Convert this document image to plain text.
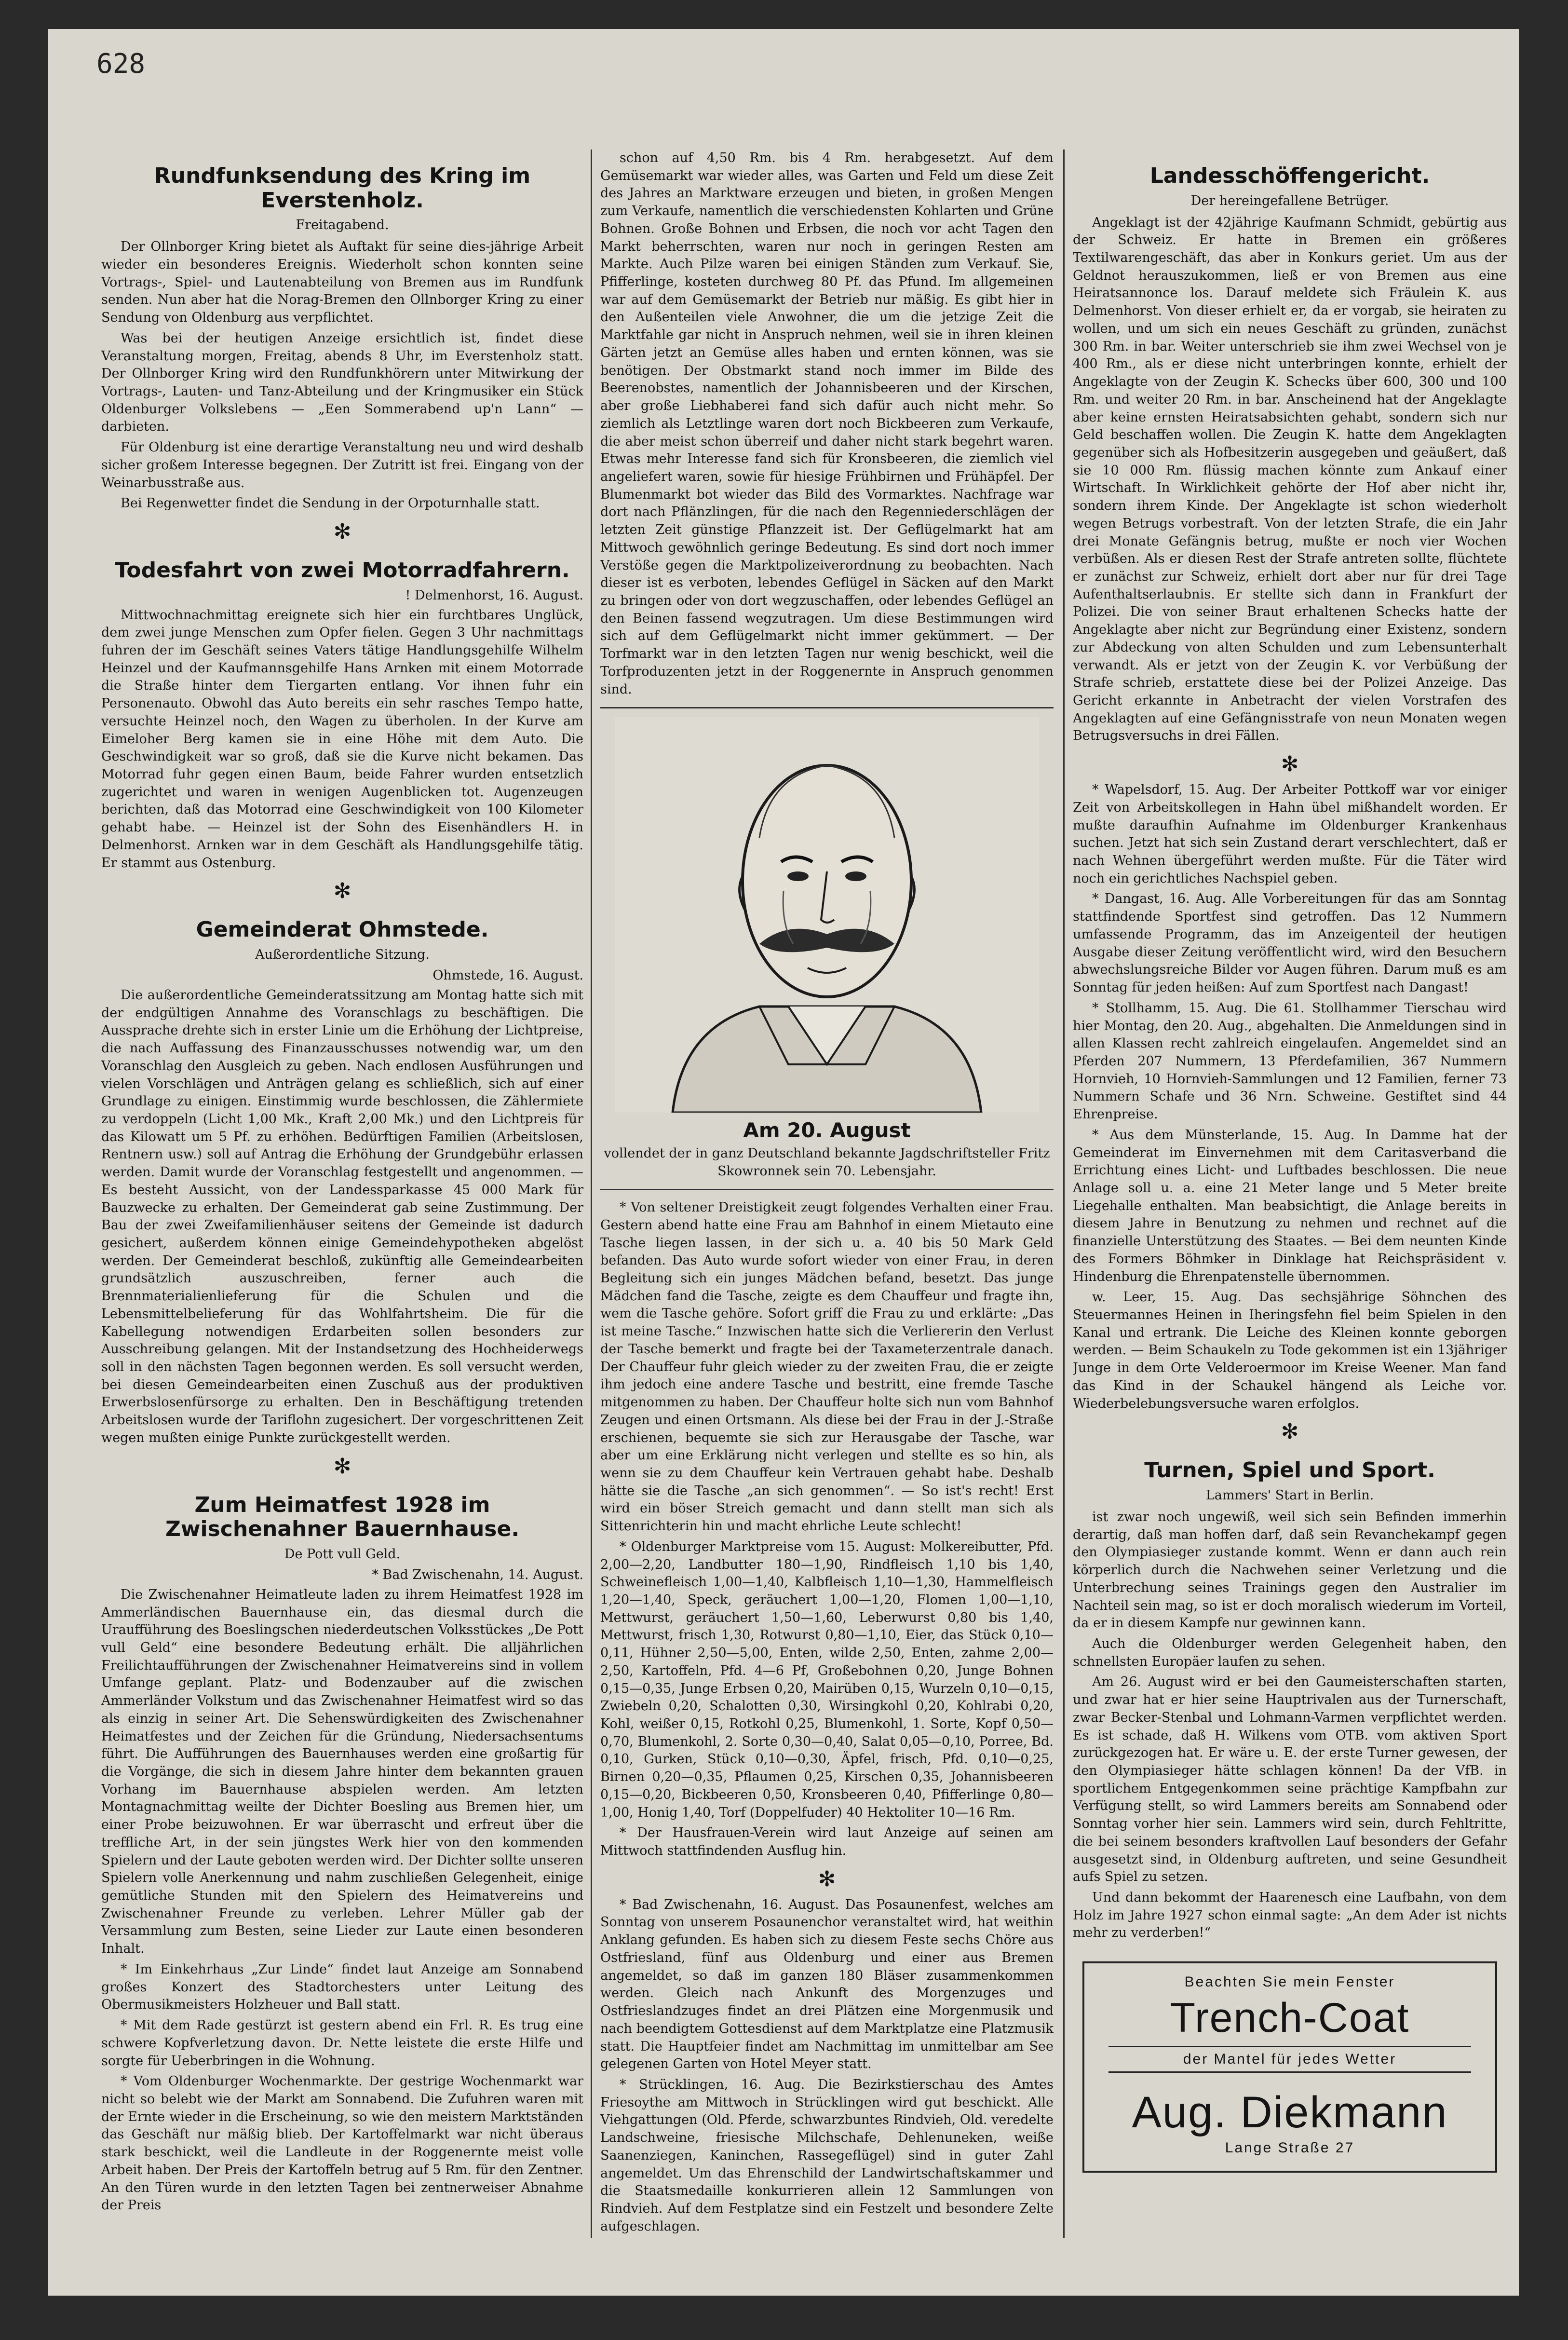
628
Rundfunksendung des Kring im Everstenholz.
Freitagabend.

Der Ollnborger Kring bietet als Auftakt für seine dies-jährige Arbeit wieder ein besonderes Ereignis. Wiederholt schon konnten seine Vortrags-, Spiel- und Lautenabteilung von Bremen aus im Rundfunk senden. Nun aber hat die Norag-Bremen den Ollnborger Kring zu einer Sendung von Oldenburg aus verpflichtet.

Was bei der heutigen Anzeige ersichtlich ist, findet diese Veranstaltung morgen, Freitag, abends 8 Uhr, im Everstenholz statt. Der Ollnborger Kring wird den Rundfunkhörern unter Mitwirkung der Vortrags-, Lauten- und Tanz-Abteilung und der Kringmusiker ein Stück Oldenburger Volkslebens — „Een Sommerabend up'n Lann“ — darbieten.

Für Oldenburg ist eine derartige Veranstaltung neu und wird deshalb sicher großem Interesse begegnen. Der Zutritt ist frei. Eingang von der Weinarbusstraße aus.

Bei Regenwetter findet die Sendung in der Orpoturnhalle statt.

✻
Todesfahrt von zwei Motorradfahrern.
! Delmenhorst, 16. August.

Mittwochnachmittag ereignete sich hier ein furchtbares Unglück, dem zwei junge Menschen zum Opfer fielen. Gegen 3 Uhr nachmittags fuhren der im Geschäft seines Vaters tätige Handlungsgehilfe Wilhelm Heinzel und der Kaufmannsgehilfe Hans Arnken mit einem Motorrade die Straße hinter dem Tiergarten entlang. Vor ihnen fuhr ein Personenauto. Obwohl das Auto bereits ein sehr rasches Tempo hatte, versuchte Heinzel noch, den Wagen zu überholen. In der Kurve am Eimeloher Berg kamen sie in eine Höhe mit dem Auto. Die Geschwindigkeit war so groß, daß sie die Kurve nicht bekamen. Das Motorrad fuhr gegen einen Baum, beide Fahrer wurden entsetzlich zugerichtet und waren in wenigen Augenblicken tot. Augenzeugen berichten, daß das Motorrad eine Geschwindigkeit von 100 Kilometer gehabt habe. — Heinzel ist der Sohn des Eisenhändlers H. in Delmenhorst. Arnken war in dem Geschäft als Handlungsgehilfe tätig. Er stammt aus Ostenburg.

✻
Gemeinderat Ohmstede.
Außerordentliche Sitzung.
Ohmstede, 16. August.

Die außerordentliche Gemeinderatssitzung am Montag hatte sich mit der endgültigen Annahme des Voranschlags zu beschäftigen. Die Aussprache drehte sich in erster Linie um die Erhöhung der Lichtpreise, die nach Auffassung des Finanzausschusses notwendig war, um den Voranschlag den Ausgleich zu geben. Nach endlosen Ausführungen und vielen Vorschlägen und Anträgen gelang es schließlich, sich auf einer Grundlage zu einigen. Einstimmig wurde beschlossen, die Zählermiete zu verdoppeln (Licht 1,00 Mk., Kraft 2,00 Mk.) und den Lichtpreis für das Kilowatt um 5 Pf. zu erhöhen. Bedürftigen Familien (Arbeitslosen, Rentnern usw.) soll auf Antrag die Erhöhung der Grundgebühr erlassen werden. Damit wurde der Voranschlag festgestellt und angenommen. — Es besteht Aussicht, von der Landessparkasse 45 000 Mark für Bauzwecke zu erhalten. Der Gemeinderat gab seine Zustimmung. Der Bau der zwei Zweifamilienhäuser seitens der Gemeinde ist dadurch gesichert, außerdem können einige Gemeindehypotheken abgelöst werden. Der Gemeinderat beschloß, zukünftig alle Gemeindearbeiten grundsätzlich auszuschreiben, ferner auch die Brennmaterialienlieferung für die Schulen und die Lebensmittelbelieferung für das Wohlfahrtsheim. Die für die Kabellegung notwendigen Erdarbeiten sollen besonders zur Ausschreibung gelangen. Mit der Instandsetzung des Hochheiderwegs soll in den nächsten Tagen begonnen werden. Es soll versucht werden, bei diesen Gemeindearbeiten einen Zuschuß aus der produktiven Erwerbslosenfürsorge zu erhalten. Den in Beschäftigung tretenden Arbeitslosen wurde der Tariflohn zugesichert. Der vorgeschrittenen Zeit wegen mußten einige Punkte zurückgestellt werden.

✻
Zum Heimatfest 1928 im Zwischenahner Bauernhause.
De Pott vull Geld.
* Bad Zwischenahn, 14. August.

Die Zwischenahner Heimatleute laden zu ihrem Heimatfest 1928 im Ammerländischen Bauernhause ein, das diesmal durch die Uraufführung des Boeslingschen niederdeutschen Volksstückes „De Pott vull Geld“ eine besondere Bedeutung erhält. Die alljährlichen Freilichtaufführungen der Zwischenahner Heimatvereins sind in vollem Umfange geplant. Platz- und Bodenzauber auf die zwischen Ammerländer Volkstum und das Zwischenahner Heimatfest wird so das als einzig in seiner Art. Die Sehenswürdigkeiten des Zwischenahner Heimatfestes und der Zeichen für die Gründung, Niedersachsentums führt. Die Aufführungen des Bauernhauses werden eine großartig für die Vorgänge, die sich in diesem Jahre hinter dem bekannten grauen Vorhang im Bauernhause abspielen werden. Am letzten Montagnachmittag weilte der Dichter Boesling aus Bremen hier, um einer Probe beizuwohnen. Er war überrascht und erfreut über die treffliche Art, in der sein jüngstes Werk hier von den kommenden Spielern und der Laute geboten werden wird. Der Dichter sollte unseren Spielern volle Anerkennung und nahm zuschließen Gelegenheit, einige gemütliche Stunden mit den Spielern des Heimatvereins und Zwischenahner Freunde zu verleben. Lehrer Müller gab der Versammlung zum Besten, seine Lieder zur Laute einen besonderen Inhalt.

* Im Einkehrhaus „Zur Linde“ findet laut Anzeige am Sonnabend großes Konzert des Stadtorchesters unter Leitung des Obermusikmeisters Holzheuer und Ball statt.

* Mit dem Rade gestürzt ist gestern abend ein Frl. R. Es trug eine schwere Kopfverletzung davon. Dr. Nette leistete die erste Hilfe und sorgte für Ueberbringen in die Wohnung.

* Vom Oldenburger Wochenmarkte. Der gestrige Wochenmarkt war nicht so belebt wie der Markt am Sonnabend. Die Zufuhren waren mit der Ernte wieder in die Erscheinung, so wie den meistern Marktständen das Geschäft nur mäßig blieb. Der Kartoffelmarkt war nicht überaus stark beschickt, weil die Landleute in der Roggenernte meist volle Arbeit haben. Der Preis der Kartoffeln betrug auf 5 Rm. für den Zentner. An den Türen wurde in den letzten Tagen bei zentnerweiser Abnahme der Preis

schon auf 4,50 Rm. bis 4 Rm. herabgesetzt. Auf dem Gemüsemarkt war wieder alles, was Garten und Feld um diese Zeit des Jahres an Marktware erzeugen und bieten, in großen Mengen zum Verkaufe, namentlich die verschiedensten Kohlarten und Grüne Bohnen. Große Bohnen und Erbsen, die noch vor acht Tagen den Markt beherrschten, waren nur noch in geringen Resten am Markte. Auch Pilze waren bei einigen Ständen zum Verkauf. Sie, Pfifferlinge, kosteten durchweg 80 Pf. das Pfund. Im allgemeinen war auf dem Gemüsemarkt der Betrieb nur mäßig. Es gibt hier in den Außenteilen viele Anwohner, die um die jetzige Zeit die Marktfahle gar nicht in Anspruch nehmen, weil sie in ihren kleinen Gärten jetzt an Gemüse alles haben und ernten können, was sie benötigen. Der Obstmarkt stand noch immer im Bilde des Beerenobstes, namentlich der Johannisbeeren und der Kirschen, aber große Liebhaberei fand sich dafür auch nicht mehr. So ziemlich als Letztlinge waren dort noch Bickbeeren zum Verkaufe, die aber meist schon überreif und daher nicht stark begehrt waren. Etwas mehr Interesse fand sich für Kronsbeeren, die ziemlich viel angeliefert waren, sowie für hiesige Frühbirnen und Frühäpfel. Der Blumenmarkt bot wieder das Bild des Vormarktes. Nachfrage war dort nach Pflänzlingen, für die nach den Regenniederschlägen der letzten Zeit günstige Pflanzzeit ist. Der Geflügelmarkt hat am Mittwoch gewöhnlich geringe Bedeutung. Es sind dort noch immer Verstöße gegen die Marktpolizeiverordnung zu beobachten. Nach dieser ist es verboten, lebendes Geflügel in Säcken auf den Markt zu bringen oder von dort wegzuschaffen, oder lebendes Geflügel an den Beinen fassend wegzutragen. Um diese Bestimmungen wird sich auf dem Geflügelmarkt nicht immer gekümmert. — Der Torfmarkt war in den letzten Tagen nur wenig beschickt, weil die Torfproduzenten jetzt in der Roggenernte in Anspruch genommen sind.

Am 20. August
vollendet der in ganz Deutschland bekannte Jagdschriftsteller Fritz Skowronnek sein 70. Lebensjahr.

* Von seltener Dreistigkeit zeugt folgendes Verhalten einer Frau. Gestern abend hatte eine Frau am Bahnhof in einem Mietauto eine Tasche liegen lassen, in der sich u. a. 40 bis 50 Mark Geld befanden. Das Auto wurde sofort wieder von einer Frau, in deren Begleitung sich ein junges Mädchen befand, besetzt. Das junge Mädchen fand die Tasche, zeigte es dem Chauffeur und fragte ihn, wem die Tasche gehöre. Sofort griff die Frau zu und erklärte: „Das ist meine Tasche.“ Inzwischen hatte sich die Verliererin den Verlust der Tasche bemerkt und fragte bei der Taxameterzentrale danach. Der Chauffeur fuhr gleich wieder zu der zweiten Frau, die er zeigte ihm jedoch eine andere Tasche und bestritt, eine fremde Tasche mitgenommen zu haben. Der Chauffeur holte sich nun vom Bahnhof Zeugen und einen Ortsmann. Als diese bei der Frau in der J.-Straße erschienen, bequemte sie sich zur Herausgabe der Tasche, war aber um eine Erklärung nicht verlegen und stellte es so hin, als wenn sie zu dem Chauffeur kein Vertrauen gehabt habe. Deshalb hätte sie die Tasche „an sich genommen“. — So ist's recht! Erst wird ein böser Streich gemacht und dann stellt man sich als Sittenrichterin hin und macht ehrliche Leute schlecht!

* Oldenburger Marktpreise vom 15. August: Molkereibutter, Pfd. 2,00—2,20, Landbutter 180—1,90, Rindfleisch 1,10 bis 1,40, Schweinefleisch 1,00—1,40, Kalbfleisch 1,10—1,30, Hammelfleisch 1,20—1,40, Speck, geräuchert 1,00—1,20, Flomen 1,00—1,10, Mettwurst, geräuchert 1,50—1,60, Leberwurst 0,80 bis 1,40, Mettwurst, frisch 1,30, Rotwurst 0,80—1,10, Eier, das Stück 0,10—0,11, Hühner 2,50—5,00, Enten, wilde 2,50, Enten, zahme 2,00—2,50, Kartoffeln, Pfd. 4—6 Pf, Großebohnen 0,20, Junge Bohnen 0,15—0,35, Junge Erbsen 0,20, Mairüben 0,15, Wurzeln 0,10—0,15, Zwiebeln 0,20, Schalotten 0,30, Wirsingkohl 0,20, Kohlrabi 0,20, Kohl, weißer 0,15, Rotkohl 0,25, Blumenkohl, 1. Sorte, Kopf 0,50—0,70, Blumenkohl, 2. Sorte 0,30—0,40, Salat 0,05—0,10, Porree, Bd. 0,10, Gurken, Stück 0,10—0,30, Äpfel, frisch, Pfd. 0,10—0,25, Birnen 0,20—0,35, Pflaumen 0,25, Kirschen 0,35, Johannisbeeren 0,15—0,20, Bickbeeren 0,50, Kronsbeeren 0,40, Pfifferlinge 0,80—1,00, Honig 1,40, Torf (Doppelfuder) 40 Hektoliter 10—16 Rm.

* Der Hausfrauen-Verein wird laut Anzeige auf seinen am Mittwoch stattfindenden Ausflug hin.

✻

* Bad Zwischenahn, 16. August. Das Posaunenfest, welches am Sonntag von unserem Posaunenchor veranstaltet wird, hat weithin Anklang gefunden. Es haben sich zu diesem Feste sechs Chöre aus Ostfriesland, fünf aus Oldenburg und einer aus Bremen angemeldet, so daß im ganzen 180 Bläser zusammenkommen werden. Gleich nach Ankunft des Morgenzuges und Ostfrieslandzuges findet an drei Plätzen eine Morgenmusik und nach beendigtem Gottesdienst auf dem Marktplatze eine Platzmusik statt. Die Hauptfeier findet am Nachmittag im unmittelbar am See gelegenen Garten von Hotel Meyer statt.

* Strücklingen, 16. Aug. Die Bezirkstierschau des Amtes Friesoythe am Mittwoch in Strücklingen wird gut beschickt. Alle Viehgattungen (Old. Pferde, schwarzbuntes Rindvieh, Old. veredelte Landschweine, friesische Milchschafe, Dehlenuneken, weiße Saanenziegen, Kaninchen, Rassegeflügel) sind in guter Zahl angemeldet. Um das Ehrenschild der Landwirtschaftskammer und die Staatsmedaille konkurrieren allein 12 Sammlungen von Rindvieh. Auf dem Festplatze sind ein Festzelt und besondere Zelte aufgeschlagen.

Landesschöffengericht.
Der hereingefallene Betrüger.

Angeklagt ist der 42jährige Kaufmann Schmidt, gebürtig aus der Schweiz. Er hatte in Bremen ein größeres Textilwarengeschäft, das aber in Konkurs geriet. Um aus der Geldnot herauszukommen, ließ er von Bremen aus eine Heiratsannonce los. Darauf meldete sich Fräulein K. aus Delmenhorst. Von dieser erhielt er, da er vorgab, sie heiraten zu wollen, und um sich ein neues Geschäft zu gründen, zunächst 300 Rm. in bar. Weiter unterschrieb sie ihm zwei Wechsel von je 400 Rm., als er diese nicht unterbringen konnte, erhielt der Angeklagte von der Zeugin K. Schecks über 600, 300 und 100 Rm. und weiter 20 Rm. in bar. Anscheinend hat der Angeklagte aber keine ernsten Heiratsabsichten gehabt, sondern sich nur Geld beschaffen wollen. Die Zeugin K. hatte dem Angeklagten gegenüber sich als Hofbesitzerin ausgegeben und geäußert, daß sie 10 000 Rm. flüssig machen könnte zum Ankauf einer Wirtschaft. In Wirklichkeit gehörte der Hof aber nicht ihr, sondern ihrem Kinde. Der Angeklagte ist schon wiederholt wegen Betrugs vorbestraft. Von der letzten Strafe, die ein Jahr drei Monate Gefängnis betrug, mußte er noch vier Wochen verbüßen. Als er diesen Rest der Strafe antreten sollte, flüchtete er zunächst zur Schweiz, erhielt dort aber nur für drei Tage Aufenthaltserlaubnis. Er stellte sich dann in Frankfurt der Polizei. Die von seiner Braut erhaltenen Schecks hatte der Angeklagte aber nicht zur Begründung einer Existenz, sondern zur Abdeckung von alten Schulden und zum Lebensunterhalt verwandt. Als er jetzt von der Zeugin K. vor Verbüßung der Strafe schrieb, erstattete diese bei der Polizei Anzeige. Das Gericht erkannte in Anbetracht der vielen Vorstrafen des Angeklagten auf eine Gefängnisstrafe von neun Monaten wegen Betrugsversuchs in drei Fällen.

✻

* Wapelsdorf, 15. Aug. Der Arbeiter Pottkoff war vor einiger Zeit von Arbeitskollegen in Hahn übel mißhandelt worden. Er mußte daraufhin Aufnahme im Oldenburger Krankenhaus suchen. Jetzt hat sich sein Zustand derart verschlechtert, daß er nach Wehnen übergeführt werden mußte. Für die Täter wird noch ein gerichtliches Nachspiel geben.

* Dangast, 16. Aug. Alle Vorbereitungen für das am Sonntag stattfindende Sportfest sind getroffen. Das 12 Nummern umfassende Programm, das im Anzeigenteil der heutigen Ausgabe dieser Zeitung veröffentlicht wird, wird den Besuchern abwechslungsreiche Bilder vor Augen führen. Darum muß es am Sonntag für jeden heißen: Auf zum Sportfest nach Dangast!

* Stollhamm, 15. Aug. Die 61. Stollhammer Tierschau wird hier Montag, den 20. Aug., abgehalten. Die Anmeldungen sind in allen Klassen recht zahlreich eingelaufen. Angemeldet sind an Pferden 207 Nummern, 13 Pferdefamilien, 367 Nummern Hornvieh, 10 Hornvieh-Sammlungen und 12 Familien, ferner 73 Nummern Schafe und 36 Nrn. Schweine. Gestiftet sind 44 Ehrenpreise.

* Aus dem Münsterlande, 15. Aug. In Damme hat der Gemeinderat im Einvernehmen mit dem Caritasverband die Errichtung eines Licht- und Luftbades beschlossen. Die neue Anlage soll u. a. eine 21 Meter lange und 5 Meter breite Liegehalle enthalten. Man beabsichtigt, die Anlage bereits in diesem Jahre in Benutzung zu nehmen und rechnet auf die finanzielle Unterstützung des Staates. — Bei dem neunten Kinde des Formers Böhmker in Dinklage hat Reichspräsident v. Hindenburg die Ehrenpatenstelle übernommen.

w. Leer, 15. Aug. Das sechsjährige Söhnchen des Steuermannes Heinen in Iheringsfehn fiel beim Spielen in den Kanal und ertrank. Die Leiche des Kleinen konnte geborgen werden. — Beim Schaukeln zu Tode gekommen ist ein 13jähriger Junge in dem Orte Velderoermoor im Kreise Weener. Man fand das Kind in der Schaukel hängend als Leiche vor. Wiederbelebungsversuche waren erfolglos.

✻
Turnen, Spiel und Sport.
Lammers' Start in Berlin.

ist zwar noch ungewiß, weil sich sein Befinden immerhin derartig, daß man hoffen darf, daß sein Revanchekampf gegen den Olympiasieger zustande kommt. Wenn er dann auch rein körperlich durch die Nachwehen seiner Verletzung und die Unterbrechung seines Trainings gegen den Australier im Nachteil sein mag, so ist er doch moralisch wiederum im Vorteil, da er in diesem Kampfe nur gewinnen kann.

Auch die Oldenburger werden Gelegenheit haben, den schnellsten Europäer laufen zu sehen.

Am 26. August wird er bei den Gaumeisterschaften starten, und zwar hat er hier seine Hauptrivalen aus der Turnerschaft, zwar Becker-Stenbal und Lohmann-Varmen verpflichtet werden. Es ist schade, daß H. Wilkens vom OTB. vom aktiven Sport zurückgezogen hat. Er wäre u. E. der erste Turner gewesen, der den Olympiasieger hätte schlagen können! Da der VfB. in sportlichem Entgegenkommen seine prächtige Kampfbahn zur Verfügung stellt, so wird Lammers bereits am Sonnabend oder Sonntag vorher hier sein. Lammers wird sein, durch Fehltritte, die bei seinem besonders kraftvollen Lauf besonders der Gefahr ausgesetzt sind, in Oldenburg auftreten, und seine Gesundheit aufs Spiel zu setzen.

Und dann bekommt der Haarenesch eine Laufbahn, von dem Holz im Jahre 1927 schon einmal sagte: „An dem Ader ist nichts mehr zu verderben!“

Beachten Sie mein Fenster
Trench-Coat
der Mantel für jedes Wetter
Aug. Diekmann
Lange Straße 27
